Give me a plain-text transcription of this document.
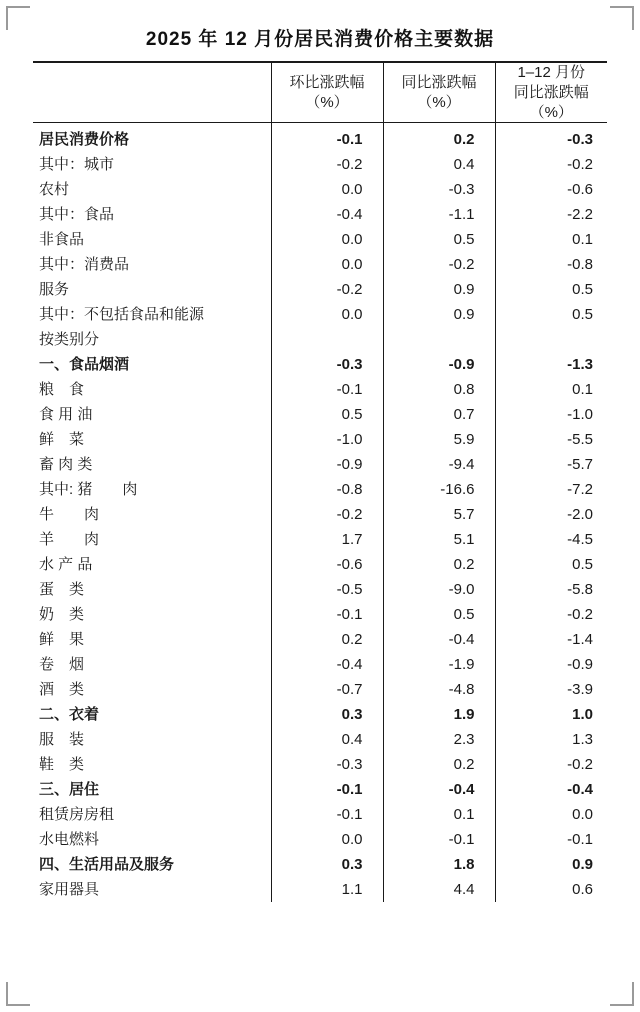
2025 年 12 月份居民消费价格主要数据

环比涨跌幅
（%）

同比涨跌幅
（%）

1–12 月份
同比涨跌幅
（%）

居民消费价格	-0.1	0.2	-0.3
其中：城市	-0.2	0.4	-0.2
农村	0.0	-0.3	-0.6
其中：食品	-0.4	-1.1	-2.2
非食品	0.0	0.5	0.1
其中：消费品	0.0	-0.2	-0.8
服务	-0.2	0.9	0.5
其中：不包括食品和能源	0.0	0.9	0.5
按类别分			
一、食品烟酒	-0.3	-0.9	-1.3
粮　食	-0.1	0.8	0.1
食 用 油	0.5	0.7	-1.0
鲜　菜	-1.0	5.9	-5.5
畜 肉 类	-0.9	-9.4	-5.7
其中: 猪　　肉	-0.8	-16.6	-7.2
牛　　肉	-0.2	5.7	-2.0
羊　　肉	1.7	5.1	-4.5
水 产 品	-0.6	0.2	0.5
蛋　类	-0.5	-9.0	-5.8
奶　类	-0.1	0.5	-0.2
鲜　果	0.2	-0.4	-1.4
卷　烟	-0.4	-1.9	-0.9
酒　类	-0.7	-4.8	-3.9
二、衣着	0.3	1.9	1.0
服　装	0.4	2.3	1.3
鞋　类	-0.3	0.2	-0.2
三、居住	-0.1	-0.4	-0.4
租赁房房租	-0.1	0.1	0.0
水电燃料	0.0	-0.1	-0.1
四、生活用品及服务	0.3	1.8	0.9
家用器具	1.1	4.4	0.6
